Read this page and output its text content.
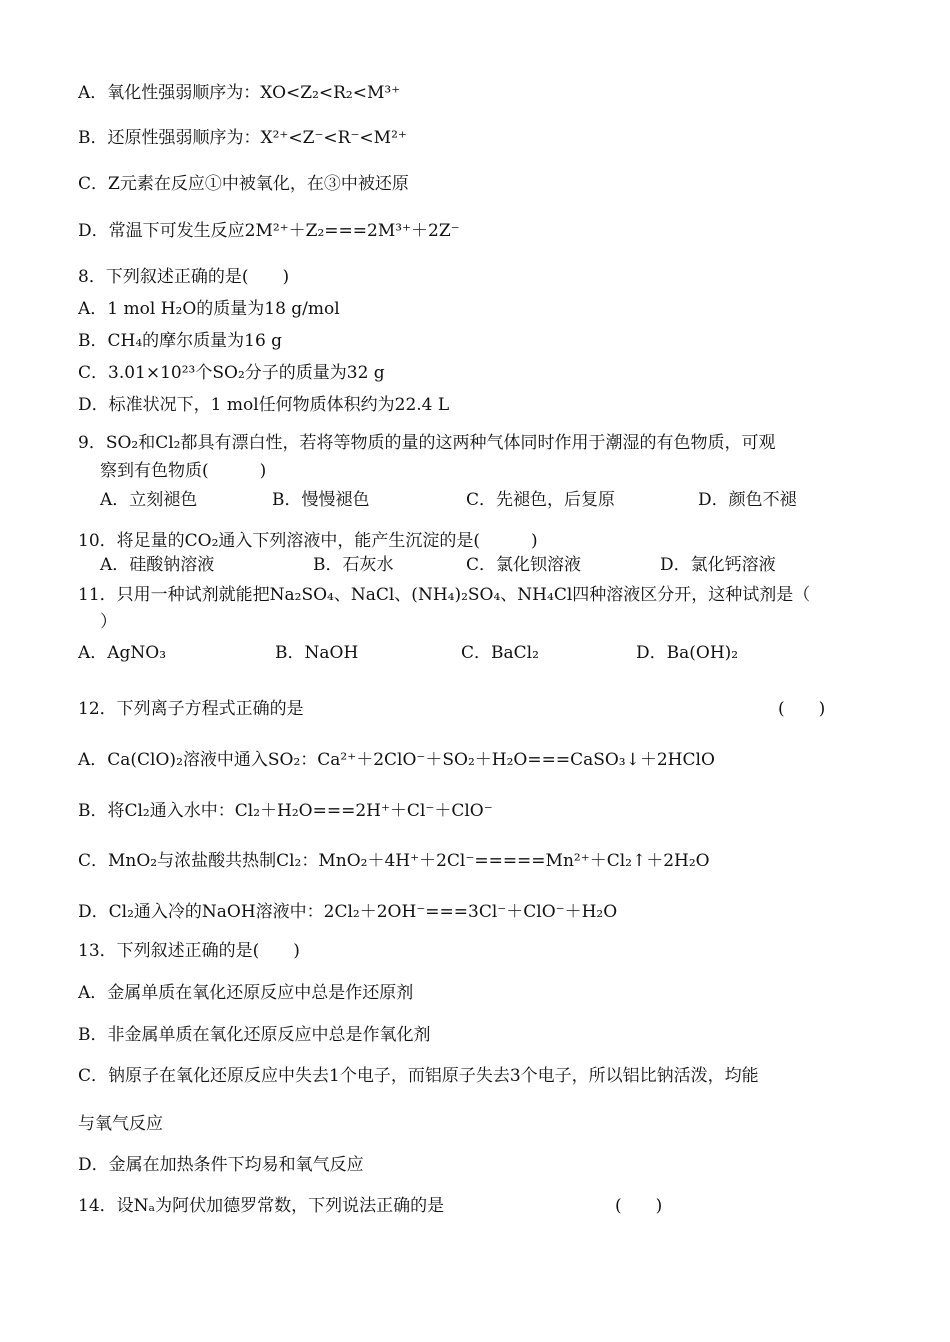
A．氧化性强弱顺序为：XO<Z₂<R₂<M³⁺
B．还原性强弱顺序为：X²⁺<Z⁻<R⁻<M²⁺
C．Z元素在反应①中被氧化，在③中被还原
D．常温下可发生反应2M²⁺＋Z₂===2M³⁺＋2Z⁻
8．下列叙述正确的是(　　)
A．1 mol H₂O的质量为18 g/mol
B．CH₄的摩尔质量为16 g
C．3.01×10²³个SO₂分子的质量为32 g
D．标准状况下，1 mol任何物质体积约为22.4 L
9．SO₂和Cl₂都具有漂白性，若将等物质的量的这两种气体同时作用于潮湿的有色物质，可观
察到有色物质(　　　)
A．立刻褪色	B．慢慢褪色	C．先褪色，后复原	D．颜色不褪
10．将足量的CO₂通入下列溶液中，能产生沉淀的是(　　　)
A．硅酸钠溶液	B．石灰水	C．氯化钡溶液	D．氯化钙溶液
11．只用一种试剂就能把Na₂SO₄、NaCl、(NH₄)₂SO₄、NH₄Cl四种溶液区分开，这种试剂是（
）
A．AgNO₃	B．NaOH	C．BaCl₂	D．Ba(OH)₂
12．下列离子方程式正确的是	(　　)
A．Ca(ClO)₂溶液中通入SO₂：Ca²⁺＋2ClO⁻＋SO₂＋H₂O===CaSO₃↓＋2HClO
B．将Cl₂通入水中：Cl₂＋H₂O===2H⁺＋Cl⁻＋ClO⁻
C．MnO₂与浓盐酸共热制Cl₂：MnO₂＋4H⁺＋2Cl⁻=====Mn²⁺＋Cl₂↑＋2H₂O
D．Cl₂通入冷的NaOH溶液中：2Cl₂＋2OH⁻===3Cl⁻＋ClO⁻＋H₂O
13．下列叙述正确的是(　　)
A．金属单质在氧化还原反应中总是作还原剂
B．非金属单质在氧化还原反应中总是作氧化剂
C．钠原子在氧化还原反应中失去1个电子，而铝原子失去3个电子，所以铝比钠活泼，均能
与氧气反应
D．金属在加热条件下均易和氧气反应
14．设Nₐ为阿伏加德罗常数，下列说法正确的是	(　　)
